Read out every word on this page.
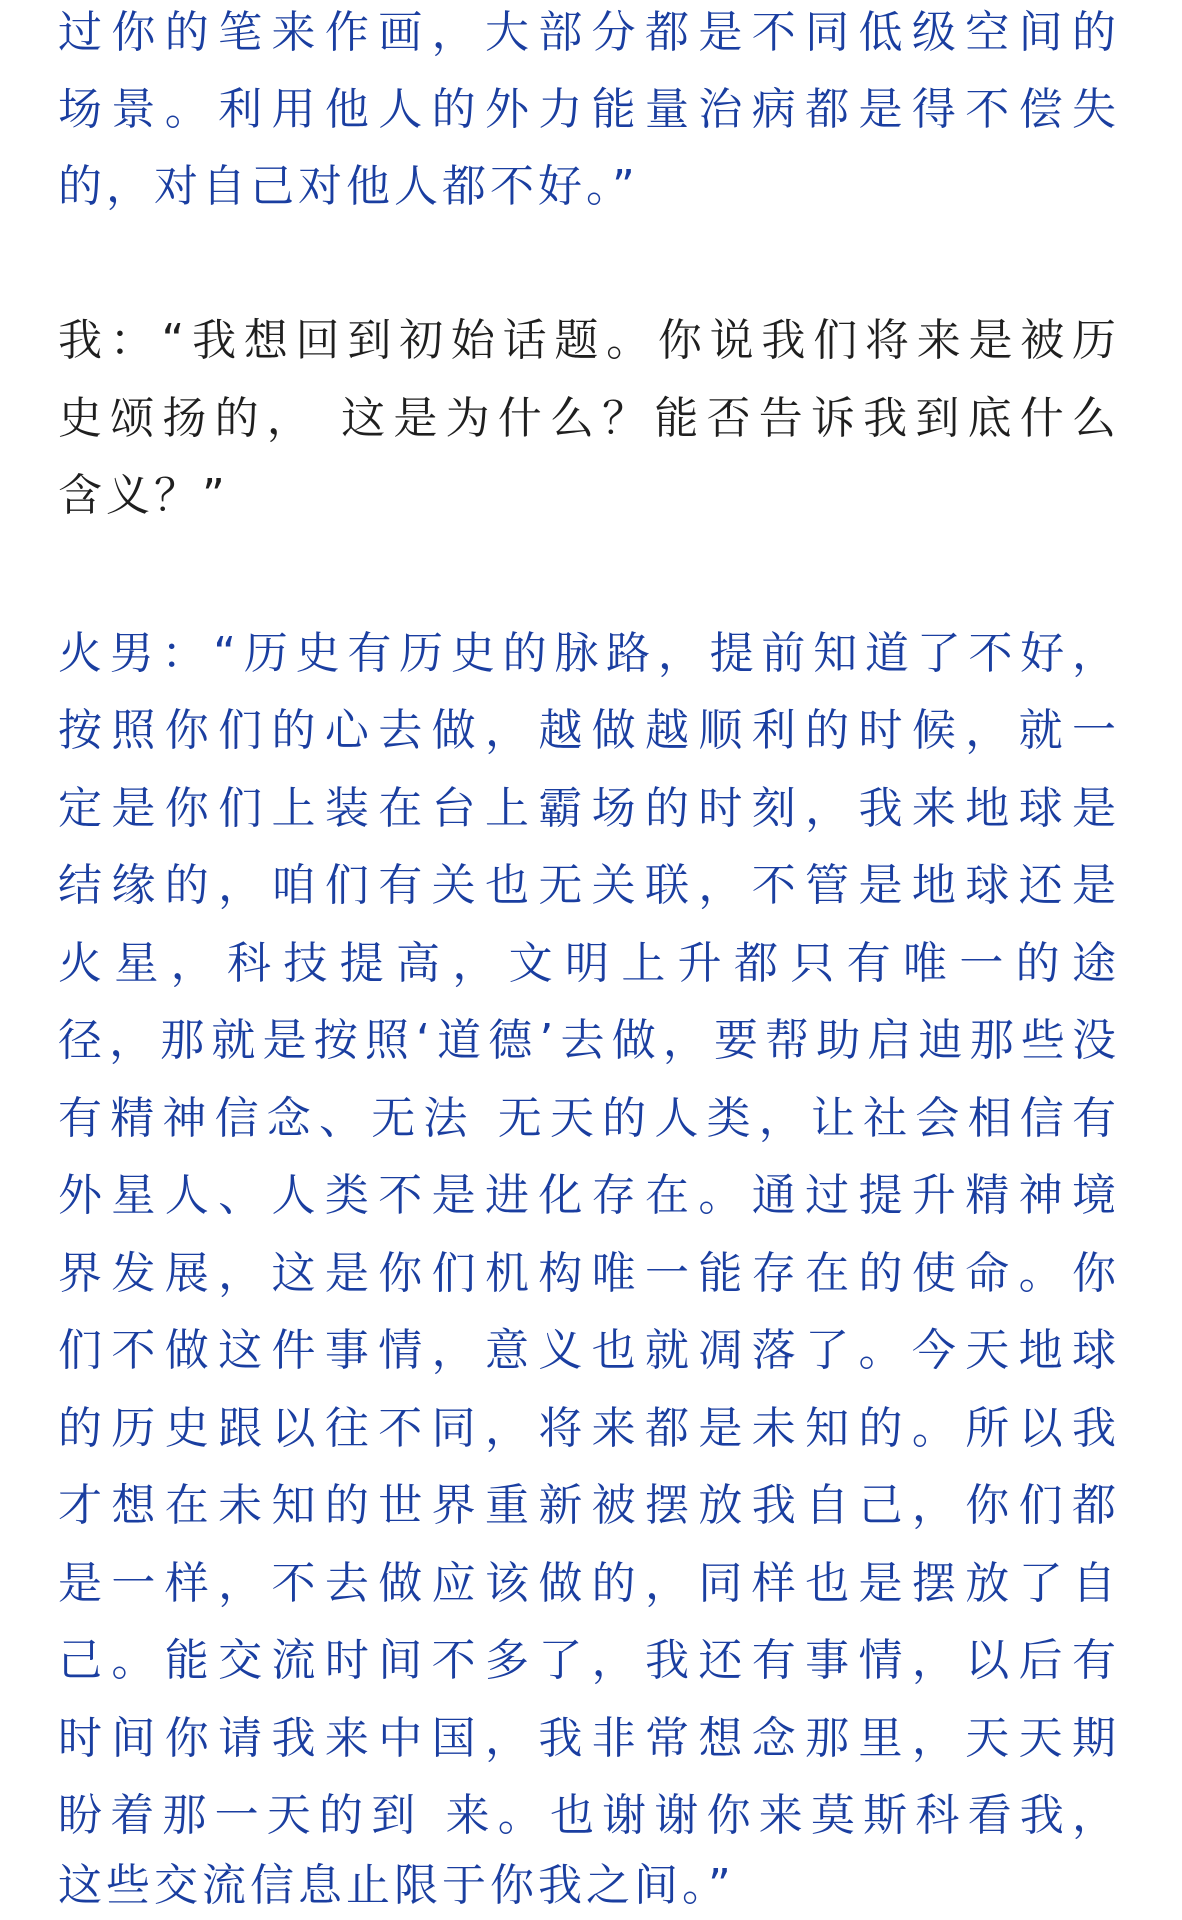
过你的笔来作画，大部分都是不同低级空间的
场景。利用他人的外力能量治病都是得不偿失
的，对自己对他人都不好。”
我：“我想回到初始话题。你说我们将来是被历
史颂扬的， 这是为什么？能否告诉我到底什么
含义？”
火男：“历史有历史的脉路，提前知道了不好，
按照你们的心去做，越做越顺利的时候，就一
定是你们上装在台上霸场的时刻，我来地球是
结缘的，咱们有关也无关联，不管是地球还是
火星，科技提高，文明上升都只有唯一的途
径，那就是按照‘道德’去做，要帮助启迪那些没
有精神信念、无法 无天的人类，让社会相信有
外星人、人类不是进化存在。通过提升精神境
界发展，这是你们机构唯一能存在的使命。你
们不做这件事情，意义也就凋落了。今天地球
的历史跟以往不同，将来都是未知的。所以我
才想在未知的世界重新被摆放我自己，你们都
是一样，不去做应该做的，同样也是摆放了自
己。能交流时间不多了，我还有事情，以后有
时间你请我来中国，我非常想念那里，天天期
盼着那一天的到 来。也谢谢你来莫斯科看我，
这些交流信息止限于你我之间。”
